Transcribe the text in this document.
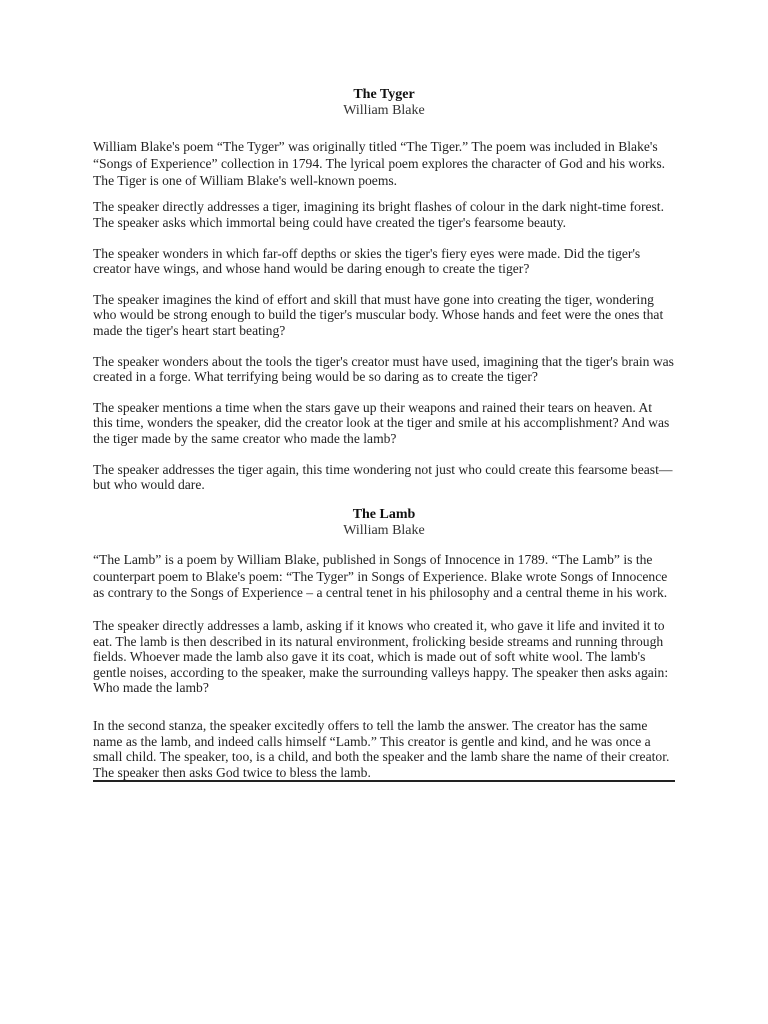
The Tyger
William Blake

William Blake's poem “The Tyger” was originally titled “The Tiger.” The poem was included in Blake's “Songs of Experience” collection in 1794. The lyrical poem explores the character of God and his works. The Tiger is one of William Blake's well-known poems.

The speaker directly addresses a tiger, imagining its bright flashes of colour in the dark night-time forest. The speaker asks which immortal being could have created the tiger's fearsome beauty.

The speaker wonders in which far-off depths or skies the tiger's fiery eyes were made. Did the tiger's creator have wings, and whose hand would be daring enough to create the tiger?

The speaker imagines the kind of effort and skill that must have gone into creating the tiger, wondering who would be strong enough to build the tiger's muscular body. Whose hands and feet were the ones that made the tiger's heart start beating?

The speaker wonders about the tools the tiger's creator must have used, imagining that the tiger's brain was created in a forge. What terrifying being would be so daring as to create the tiger?

The speaker mentions a time when the stars gave up their weapons and rained their tears on heaven. At this time, wonders the speaker, did the creator look at the tiger and smile at his accomplishment? And was the tiger made by the same creator who made the lamb?

The speaker addresses the tiger again, this time wondering not just who could create this fearsome beast—but who would dare.

The Lamb
William Blake

“The Lamb” is a poem by William Blake, published in Songs of Innocence in 1789. “The Lamb” is the counterpart poem to Blake's poem: “The Tyger” in Songs of Experience. Blake wrote Songs of Innocence as contrary to the Songs of Experience – a central tenet in his philosophy and a central theme in his work.

The speaker directly addresses a lamb, asking if it knows who created it, who gave it life and invited it to eat. The lamb is then described in its natural environment, frolicking beside streams and running through fields. Whoever made the lamb also gave it its coat, which is made out of soft white wool. The lamb's gentle noises, according to the speaker, make the surrounding valleys happy. The speaker then asks again: Who made the lamb?

In the second stanza, the speaker excitedly offers to tell the lamb the answer. The creator has the same name as the lamb, and indeed calls himself “Lamb.” This creator is gentle and kind, and he was once a small child. The speaker, too, is a child, and both the speaker and the lamb share the name of their creator. The speaker then asks God twice to bless the lamb.
